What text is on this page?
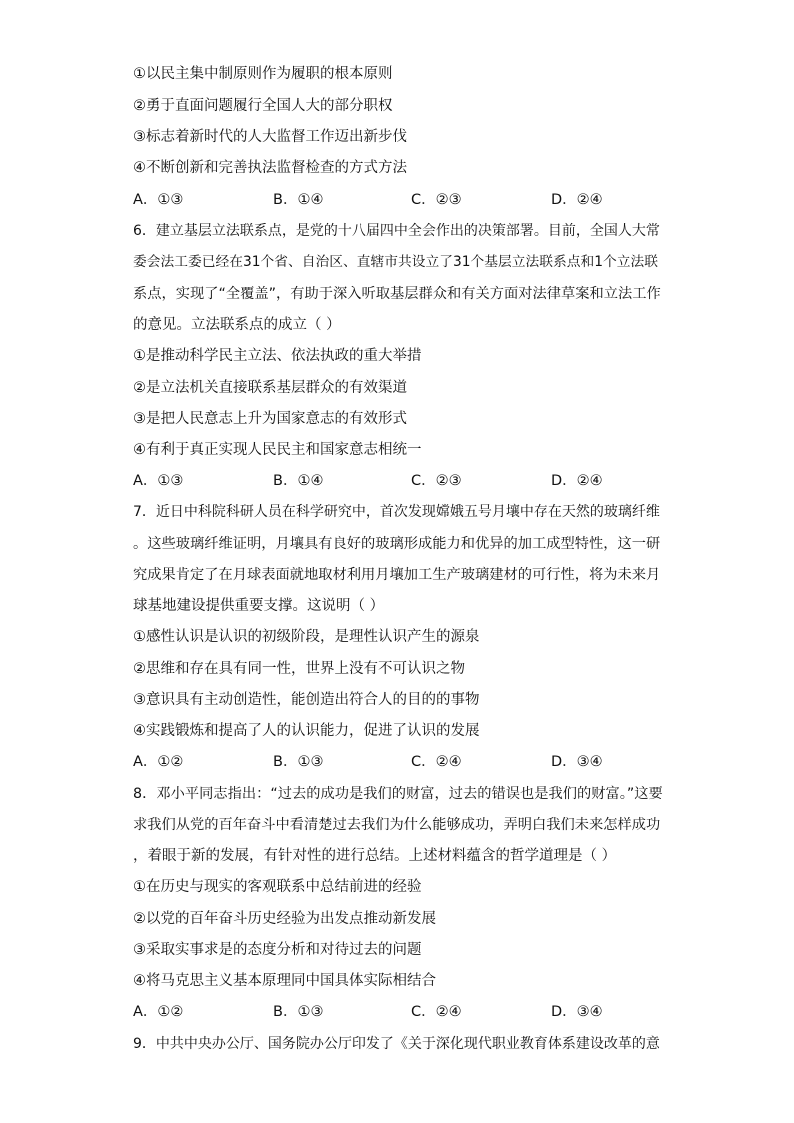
①以民主集中制原则作为履职的根本原则
②勇于直面问题履行全国人大的部分职权
③标志着新时代的人大监督工作迈出新步伐
④不断创新和完善执法监督检查的方式方法
A．①③	B．①④	C．②③	D．②④
6．建立基层立法联系点，是党的十八届四中全会作出的决策部署。目前，全国人大常
委会法工委已经在31个省、自治区、直辖市共设立了31个基层立法联系点和1个立法联
系点，实现了“全覆盖”，有助于深入听取基层群众和有关方面对法律草案和立法工作
的意见。立法联系点的成立（ ）
①是推动科学民主立法、依法执政的重大举措
②是立法机关直接联系基层群众的有效渠道
③是把人民意志上升为国家意志的有效形式
④有利于真正实现人民民主和国家意志相统一
A．①③	B．①④	C．②③	D．②④
7．近日中科院科研人员在科学研究中，首次发现嫦娥五号月壤中存在天然的玻璃纤维
。这些玻璃纤维证明，月壤具有良好的玻璃形成能力和优异的加工成型特性，这一研
究成果肯定了在月球表面就地取材利用月壤加工生产玻璃建材的可行性，将为未来月
球基地建设提供重要支撑。这说明（ ）
①感性认识是认识的初级阶段，是理性认识产生的源泉
②思维和存在具有同一性，世界上没有不可认识之物
③意识具有主动创造性，能创造出符合人的目的的事物
④实践锻炼和提高了人的认识能力，促进了认识的发展
A．①②	B．①③	C．②④	D．③④
8．邓小平同志指出：“过去的成功是我们的财富，过去的错误也是我们的财富。”这要
求我们从党的百年奋斗中看清楚过去我们为什么能够成功，弄明白我们未来怎样成功
，着眼于新的发展，有针对性的进行总结。上述材料蕴含的哲学道理是（ ）
①在历史与现实的客观联系中总结前进的经验
②以党的百年奋斗历史经验为出发点推动新发展
③采取实事求是的态度分析和对待过去的问题
④将马克思主义基本原理同中国具体实际相结合
A．①②	B．①③	C．②④	D．③④
9．中共中央办公厅、国务院办公厅印发了《关于深化现代职业教育体系建设改革的意
